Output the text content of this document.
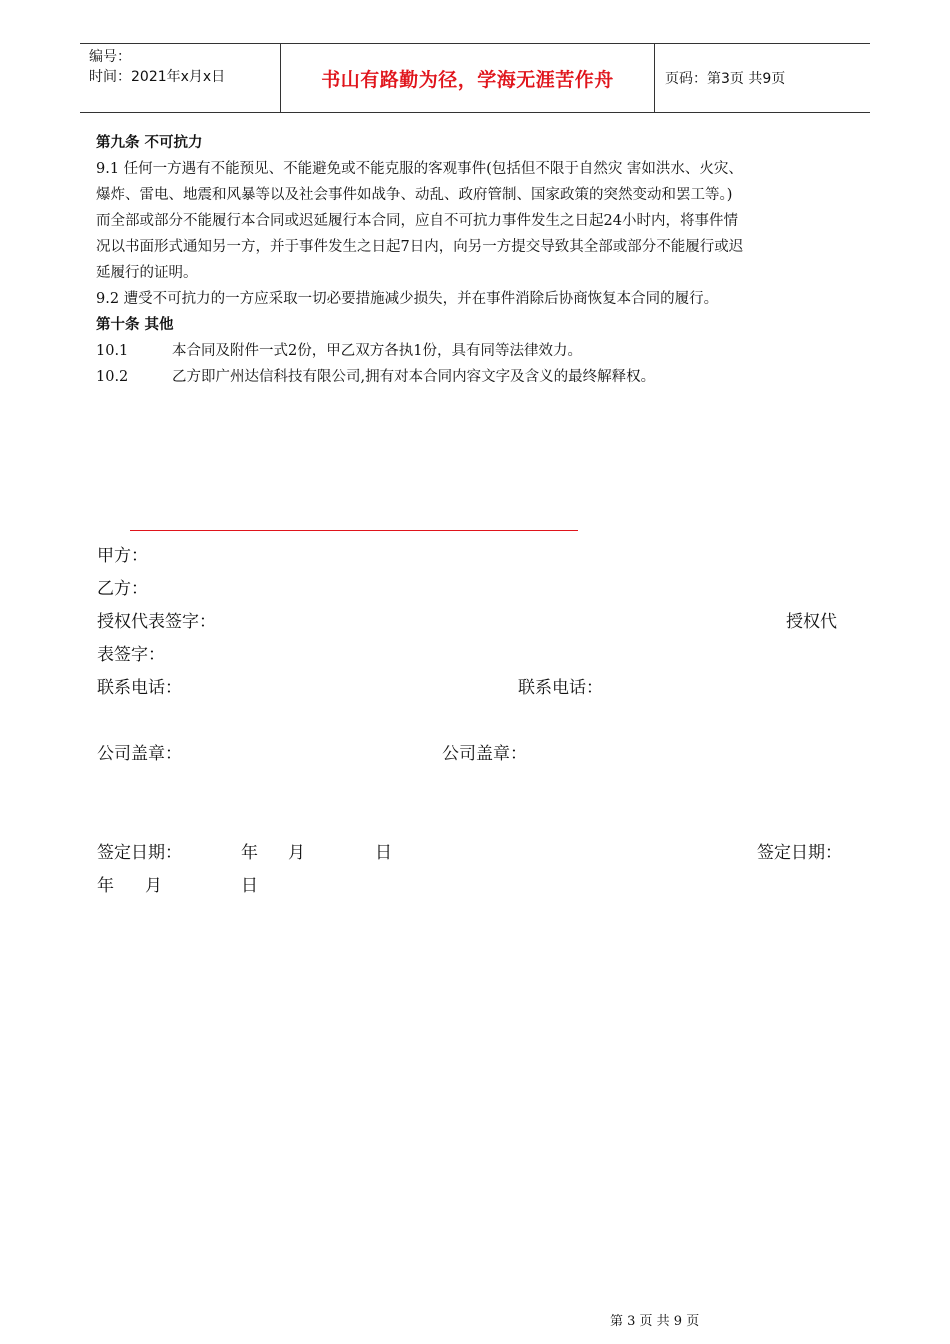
编号：
时间：2021年x月x日	书山有路勤为径，学海无涯苦作舟	页码：第3页 共9页
第九条 不可抗力
9.1 任何一方遇有不能预见、不能避免或不能克服的客观事件(包括但不限于自然灾 害如洪水、火灾、
爆炸、雷电、地震和风暴等以及社会事件如战争、动乱、政府管制、国家政策的突然变动和罢工等。)
而全部或部分不能履行本合同或迟延履行本合同，应自不可抗力事件发生之日起24小时内，将事件情
况以书面形式通知另一方，并于事件发生之日起7日内，向另一方提交导致其全部或部分不能履行或迟
延履行的证明。
9.2 遭受不可抗力的一方应采取一切必要措施减少损失，并在事件消除后协商恢复本合同的履行。
第十条 其他
10.1	本合同及附件一式2份，甲乙双方各执1份，具有同等法律效力。
10.2	乙方即广州达信科技有限公司,拥有对本合同内容文字及含义的最终解释权。
甲方：
乙方：
授权代表签字：	授权代
表签字：
联系电话：	联系电话：
公司盖章：	公司盖章：
签定日期：	年 月	日	签定日期：
年 月	日
第 3 页 共 9 页
